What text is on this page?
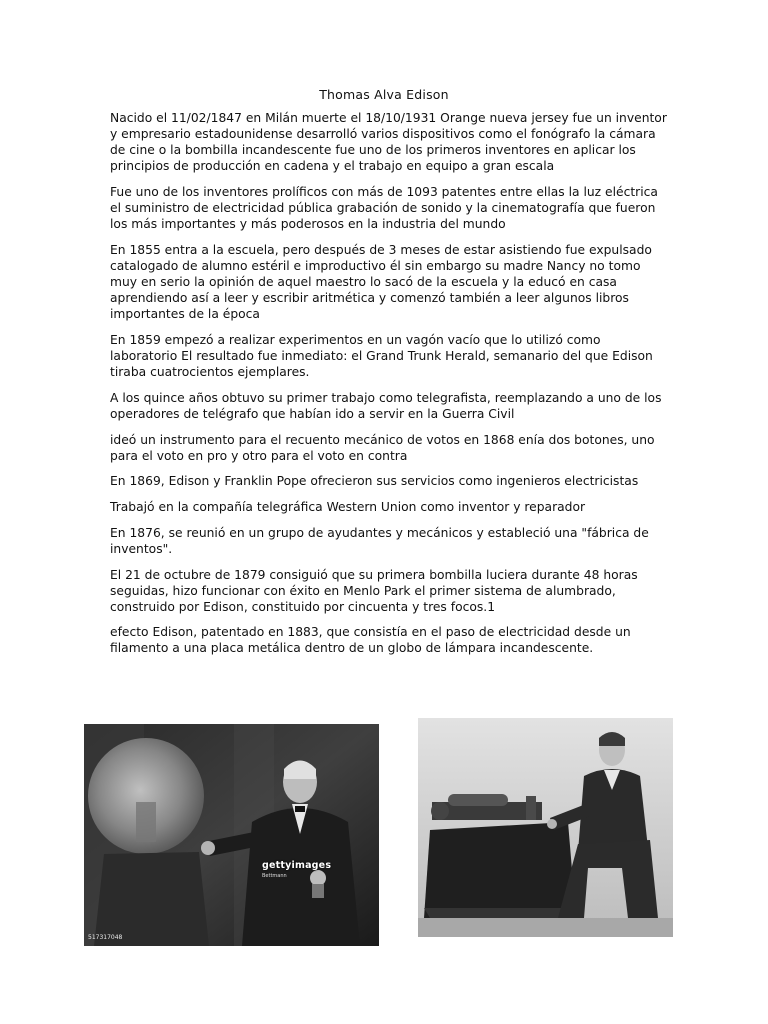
Thomas Alva Edison

Nacido el 11/02/1847 en Milán muerte el 18/10/1931 Orange nueva jersey fue un inventor y empresario estadounidense desarrolló varios dispositivos como el fonógrafo la cámara de cine o la bombilla incandescente fue uno de los primeros inventores en aplicar los principios de producción en cadena y el trabajo en equipo a gran escala

Fue uno de los inventores prolíficos con más de 1093 patentes entre ellas la luz eléctrica el suministro de electricidad pública grabación de sonido y la cinematografía que fueron los más importantes y más poderosos en la industria del mundo

En 1855 entra a la escuela, pero después de 3 meses de estar asistiendo fue expulsado catalogado de alumno estéril e improductivo él sin embargo su madre Nancy no tomo muy en serio la opinión de aquel maestro lo sacó de la escuela y la educó en casa aprendiendo así a leer y escribir aritmética y comenzó también a leer algunos libros importantes de la época

En 1859 empezó a realizar experimentos en un vagón vacío que lo utilizó como laboratorio El resultado fue inmediato: el Grand Trunk Herald, semanario del que Edison tiraba cuatrocientos ejemplares.

A los quince años obtuvo su primer trabajo como telegrafista, reemplazando a uno de los operadores de telégrafo que habían ido a servir en la Guerra Civil

ideó un instrumento para el recuento mecánico de votos en 1868 enía dos botones, uno para el voto en pro y otro para el voto en contra

En 1869, Edison y Franklin Pope ofrecieron sus servicios como ingenieros electricistas

Trabajó en la compañía telegráfica Western Union como inventor y reparador

En 1876, se reunió en un grupo de ayudantes y mecánicos y estableció una "fábrica de inventos".

El 21 de octubre de 1879 consiguió que su primera bombilla luciera durante 48 horas seguidas, hizo funcionar con éxito en Menlo Park el primer sistema de alumbrado, construido por Edison, constituido por cincuenta y tres focos.1

efecto Edison, patentado en 1883, que consistía en el paso de electricidad desde un filamento a una placa metálica dentro de un globo de lámpara incandescente.

gettyimages
Bettmann
517317048
